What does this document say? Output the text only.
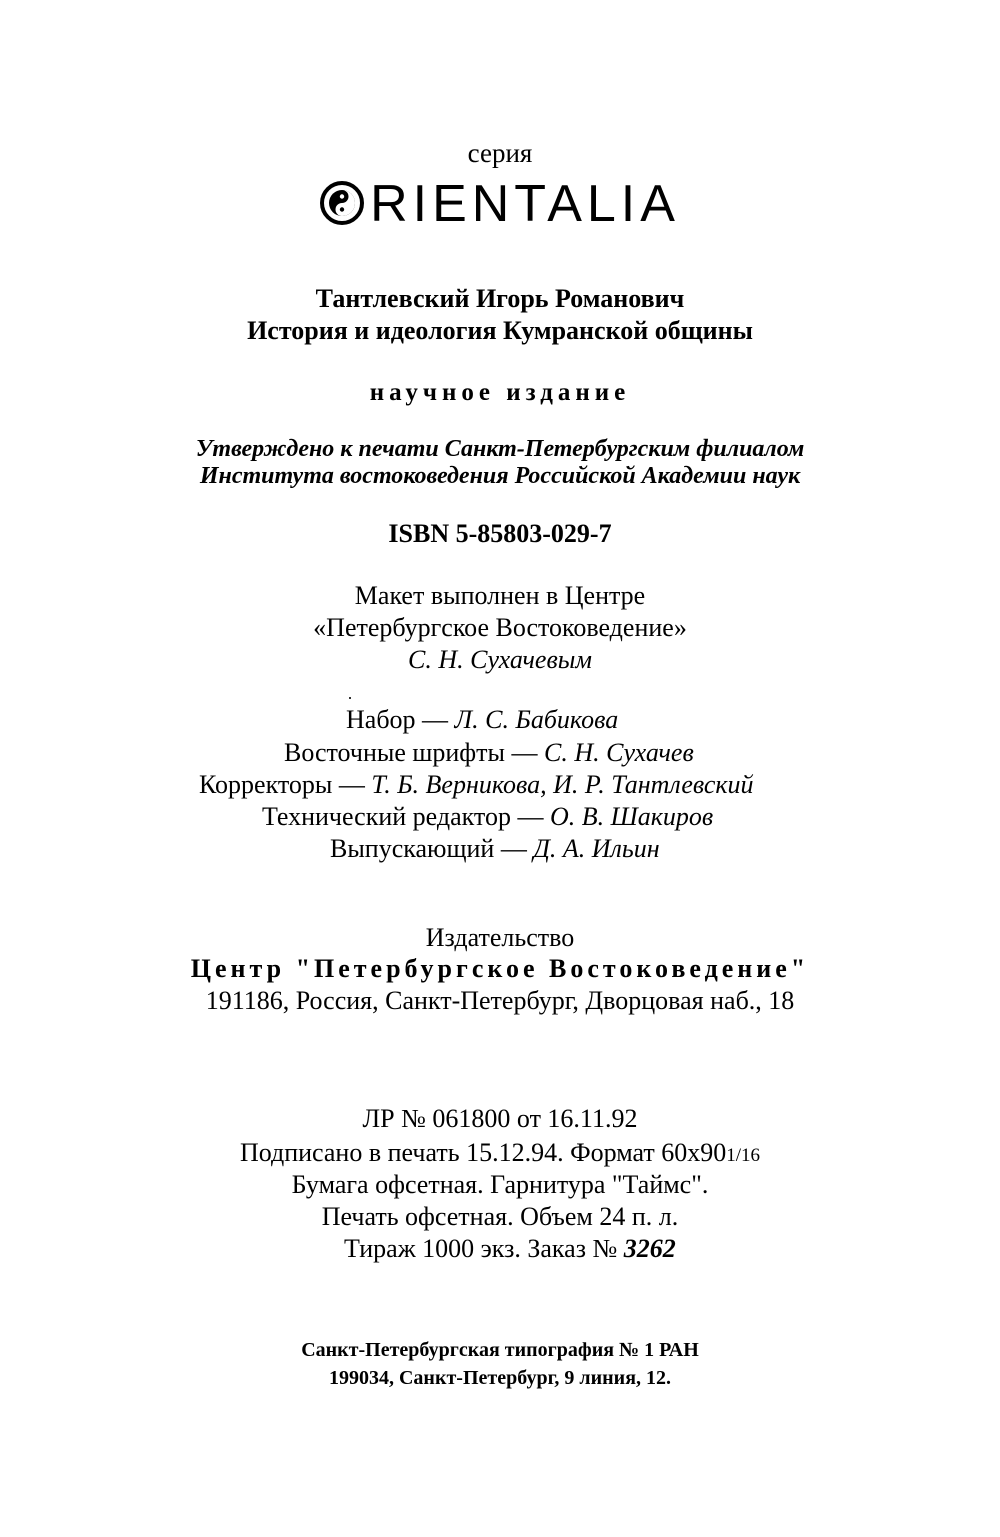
серия
RIENTALIA
Тантлевский Игорь Романович
История и идеология Кумранской общины
научное издание
Утверждено к печати Санкт-Петербургским филиалом
Института востоковедения Российской Академии наук
ISBN 5-85803-029-7
Макет выполнен в Центре
«Петербургское Востоковедение»
С. Н. Сухачевым
Набор — Л. С. Бабикова
Восточные шрифты — С. Н. Сухачев
Корректоры — Т. Б. Верникова, И. Р. Тантлевский
Технический редактор — О. В. Шакиров
Выпускающий — Д. А. Ильин
Издательство
Центр "Петербургское Востоковедение"
191186, Россия, Санкт-Петербург, Дворцовая наб., 18
ЛР № 061800 от 16.11.92
Подписано в печать 15.12.94. Формат 60х901/16
Бумага офсетная. Гарнитура "Таймс".
Печать офсетная. Объем 24 п. л.
Тираж 1000 экз. Заказ № 3262
Санкт-Петербургская типография № 1 РАН
199034, Санкт-Петербург, 9 линия, 12.
